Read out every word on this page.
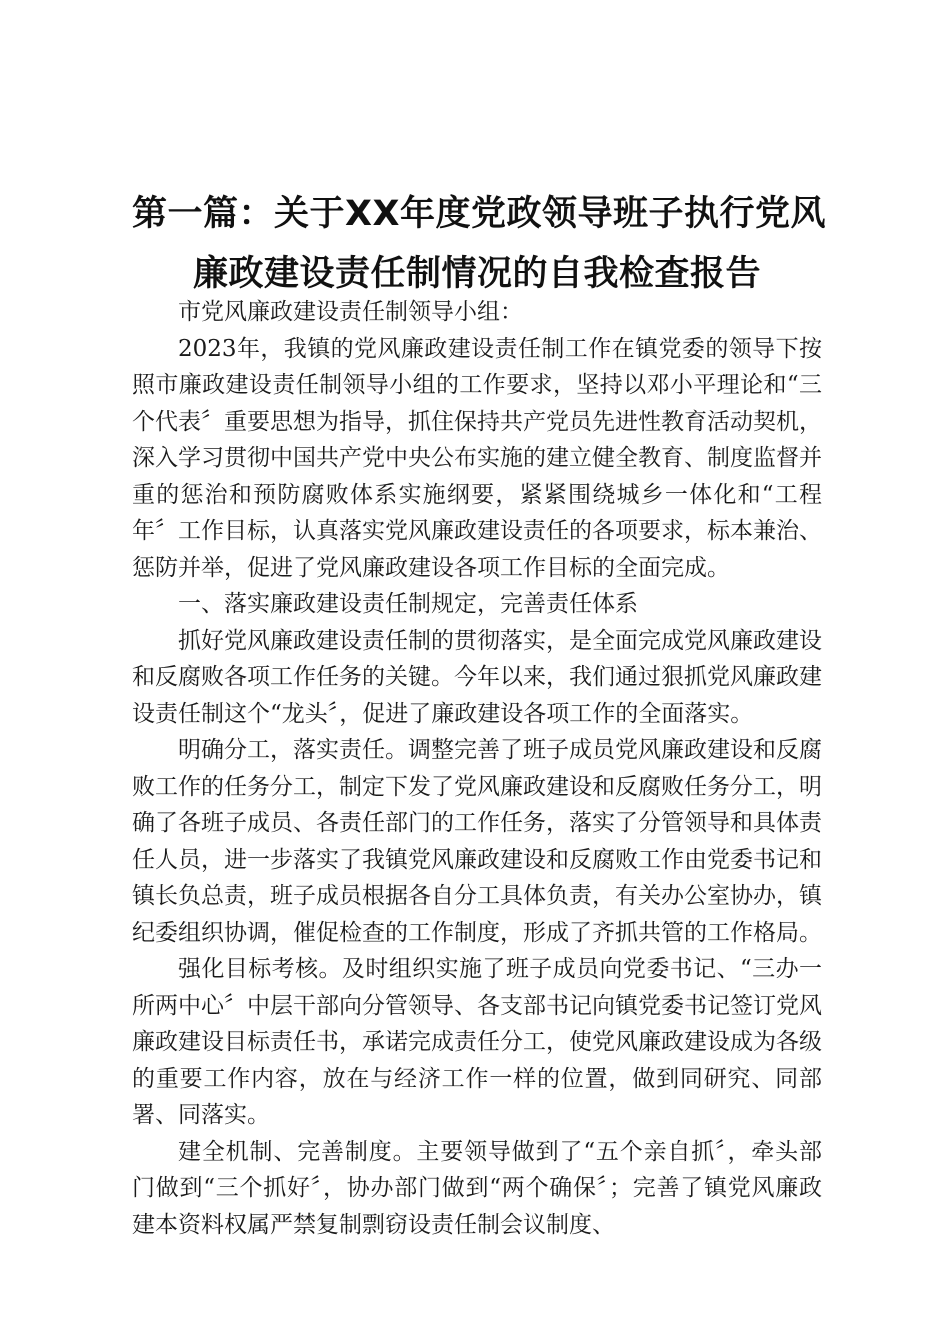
第一篇：关于XX年度党政领导班子执行党风
廉政建设责任制情况的自我检查报告

市党风廉政建设责任制领导小组：

2023年，我镇的党风廉政建设责任制工作在镇党委的领导下按照市廉政建设责任制领导小组的工作要求，坚持以邓小平理论和“三个代表〞重要思想为指导，抓住保持共产党员先进性教育活动契机，深入学习贯彻中国共产党中央公布实施的建立健全教育、制度监督并重的惩治和预防腐败体系实施纲要，紧紧围绕城乡一体化和“工程年〞工作目标，认真落实党风廉政建设责任的各项要求，标本兼治、惩防并举，促进了党风廉政建设各项工作目标的全面完成。

一、落实廉政建设责任制规定，完善责任体系

抓好党风廉政建设责任制的贯彻落实，是全面完成党风廉政建设和反腐败各项工作任务的关键。今年以来，我们通过狠抓党风廉政建设责任制这个“龙头〞，促进了廉政建设各项工作的全面落实。

明确分工，落实责任。调整完善了班子成员党风廉政建设和反腐败工作的任务分工，制定下发了党风廉政建设和反腐败任务分工，明确了各班子成员、各责任部门的工作任务，落实了分管领导和具体责任人员，进一步落实了我镇党风廉政建设和反腐败工作由党委书记和镇长负总责，班子成员根据各自分工具体负责，有关办公室协办，镇纪委组织协调，催促检查的工作制度，形成了齐抓共管的工作格局。

强化目标考核。及时组织实施了班子成员向党委书记、“三办一所两中心〞中层干部向分管领导、各支部书记向镇党委书记签订党风廉政建设目标责任书，承诺完成责任分工，使党风廉政建设成为各级的重要工作内容，放在与经济工作一样的位置，做到同研究、同部署、同落实。

建全机制、完善制度。主要领导做到了“五个亲自抓〞，牵头部门做到“三个抓好〞，协办部门做到“两个确保〞；完善了镇党风廉政建本资料权属严禁复制剽窃设责任制会议制度、
